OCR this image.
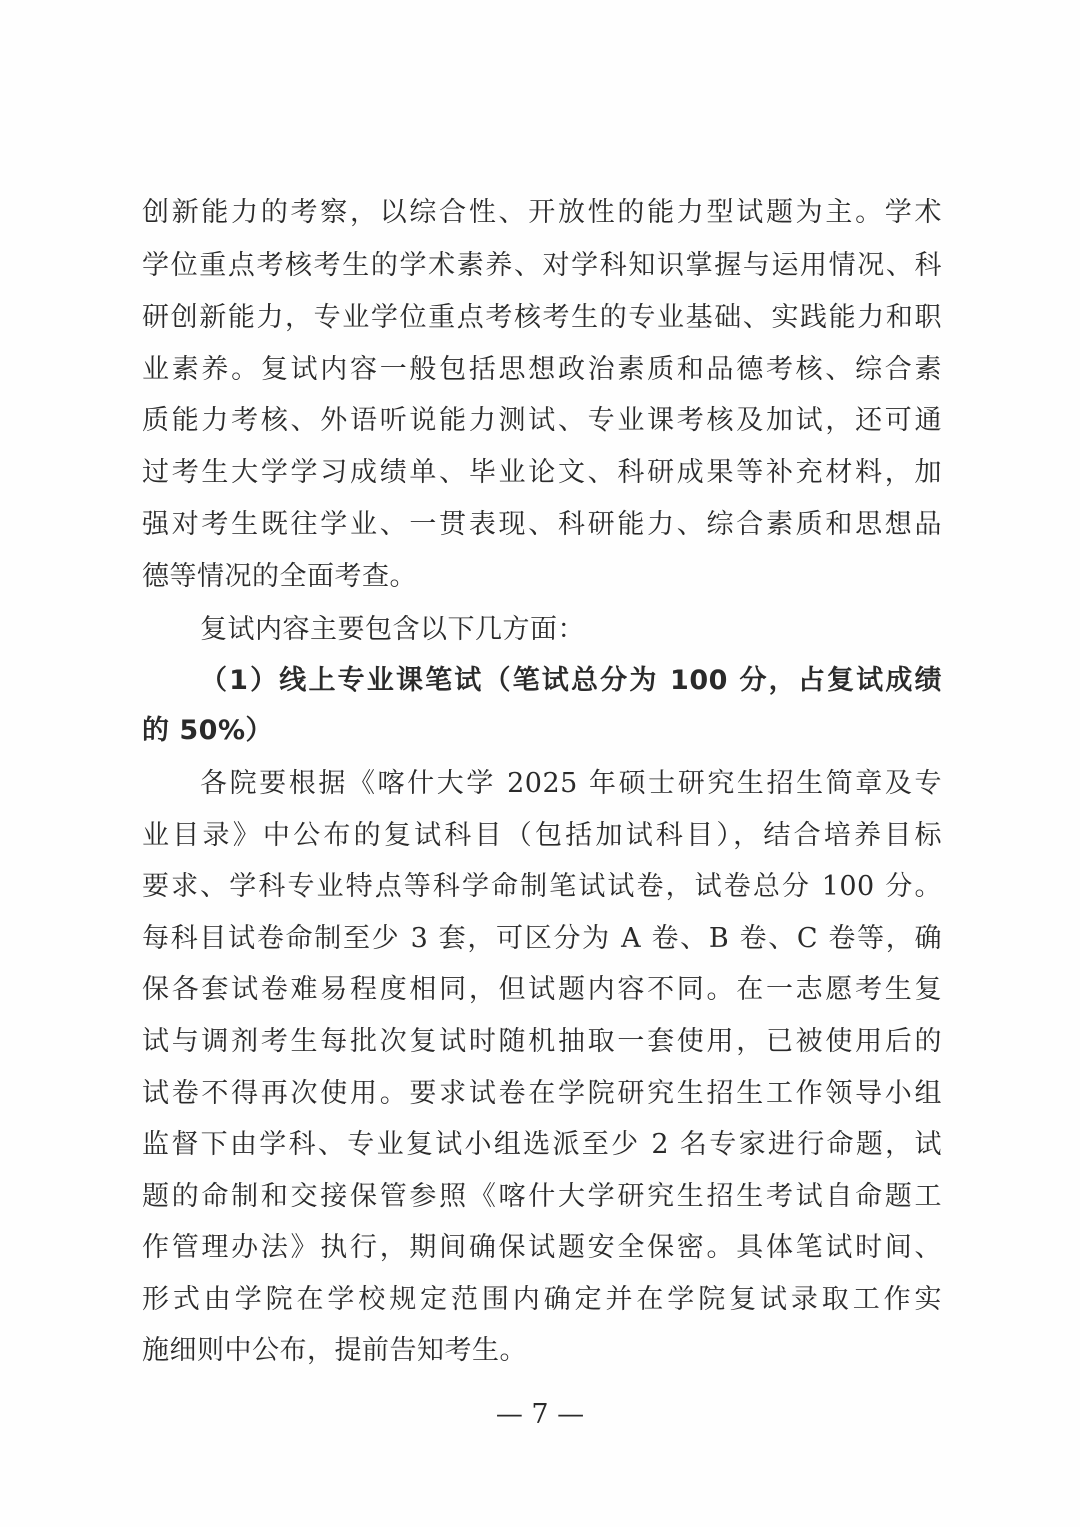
创新能力的考察，以综合性、开放性的能力型试题为主。学术
学位重点考核考生的学术素养、对学科知识掌握与运用情况、科
研创新能力，专业学位重点考核考生的专业基础、实践能力和职
业素养。复试内容一般包括思想政治素质和品德考核、综合素
质能力考核、外语听说能力测试、专业课考核及加试，还可通
过考生大学学习成绩单、毕业论文、科研成果等补充材料，加
强对考生既往学业、一贯表现、科研能力、综合素质和思想品
德等情况的全面考查。
复试内容主要包含以下几方面：
（1）线上专业课笔试（笔试总分为 100 分，占复试成绩
的 50%）
各院要根据《喀什大学 2025 年硕士研究生招生简章及专
业目录》中公布的复试科目（包括加试科目），结合培养目标
要求、学科专业特点等科学命制笔试试卷，试卷总分 100 分。
每科目试卷命制至少 3 套，可区分为 A 卷、B 卷、C 卷等，确
保各套试卷难易程度相同，但试题内容不同。在一志愿考生复
试与调剂考生每批次复试时随机抽取一套使用，已被使用后的
试卷不得再次使用。要求试卷在学院研究生招生工作领导小组
监督下由学科、专业复试小组选派至少 2 名专家进行命题，试
题的命制和交接保管参照《喀什大学研究生招生考试自命题工
作管理办法》执行，期间确保试题安全保密。具体笔试时间、
形式由学院在学校规定范围内确定并在学院复试录取工作实
施细则中公布，提前告知考生。
— 7 —
